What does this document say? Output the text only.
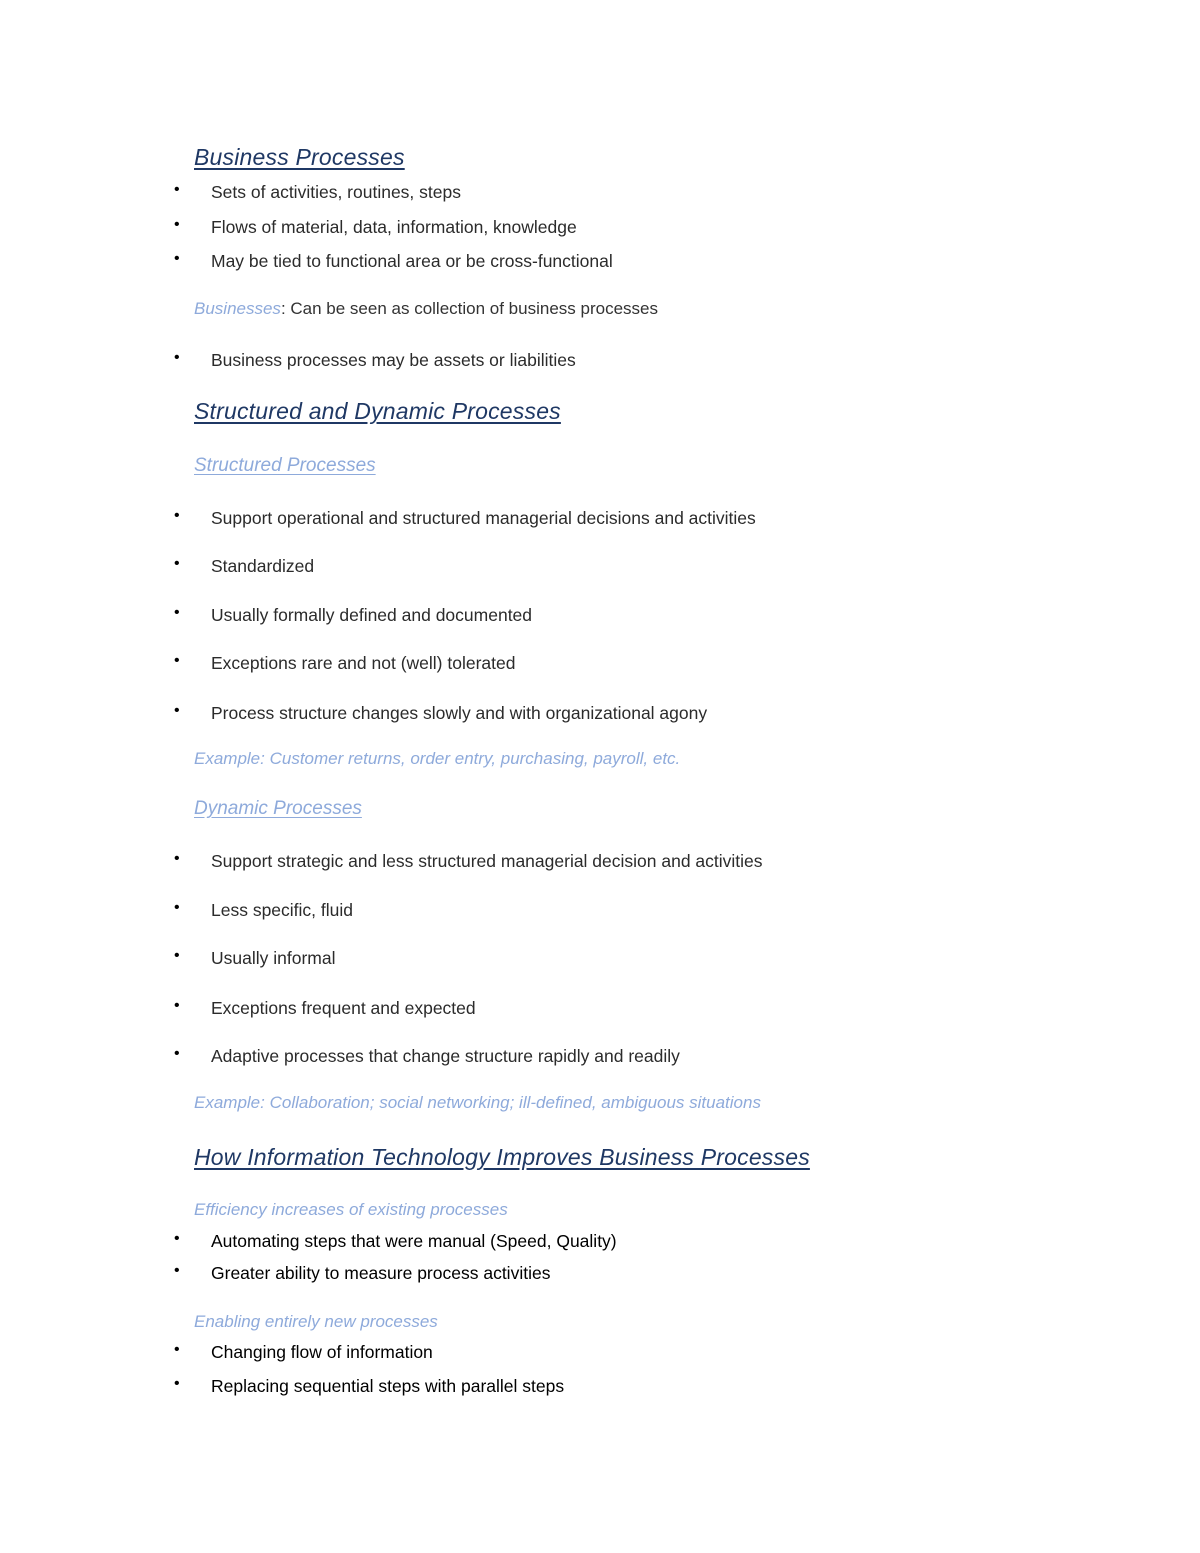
Business Processes
• Sets of activities, routines, steps
• Flows of material, data, information, knowledge
• May be tied to functional area or be cross-functional
Businesses: Can be seen as collection of business processes
• Business processes may be assets or liabilities
Structured and Dynamic Processes
Structured Processes
• Support operational and structured managerial decisions and activities
• Standardized
• Usually formally defined and documented
• Exceptions rare and not (well) tolerated
• Process structure changes slowly and with organizational agony
Example: Customer returns, order entry, purchasing, payroll, etc.
Dynamic Processes
• Support strategic and less structured managerial decision and activities
• Less specific, fluid
• Usually informal
• Exceptions frequent and expected
• Adaptive processes that change structure rapidly and readily
Example: Collaboration; social networking; ill-defined, ambiguous situations
How Information Technology Improves Business Processes
Efficiency increases of existing processes
• Automating steps that were manual (Speed, Quality)
• Greater ability to measure process activities
Enabling entirely new processes
• Changing flow of information
• Replacing sequential steps with parallel steps
